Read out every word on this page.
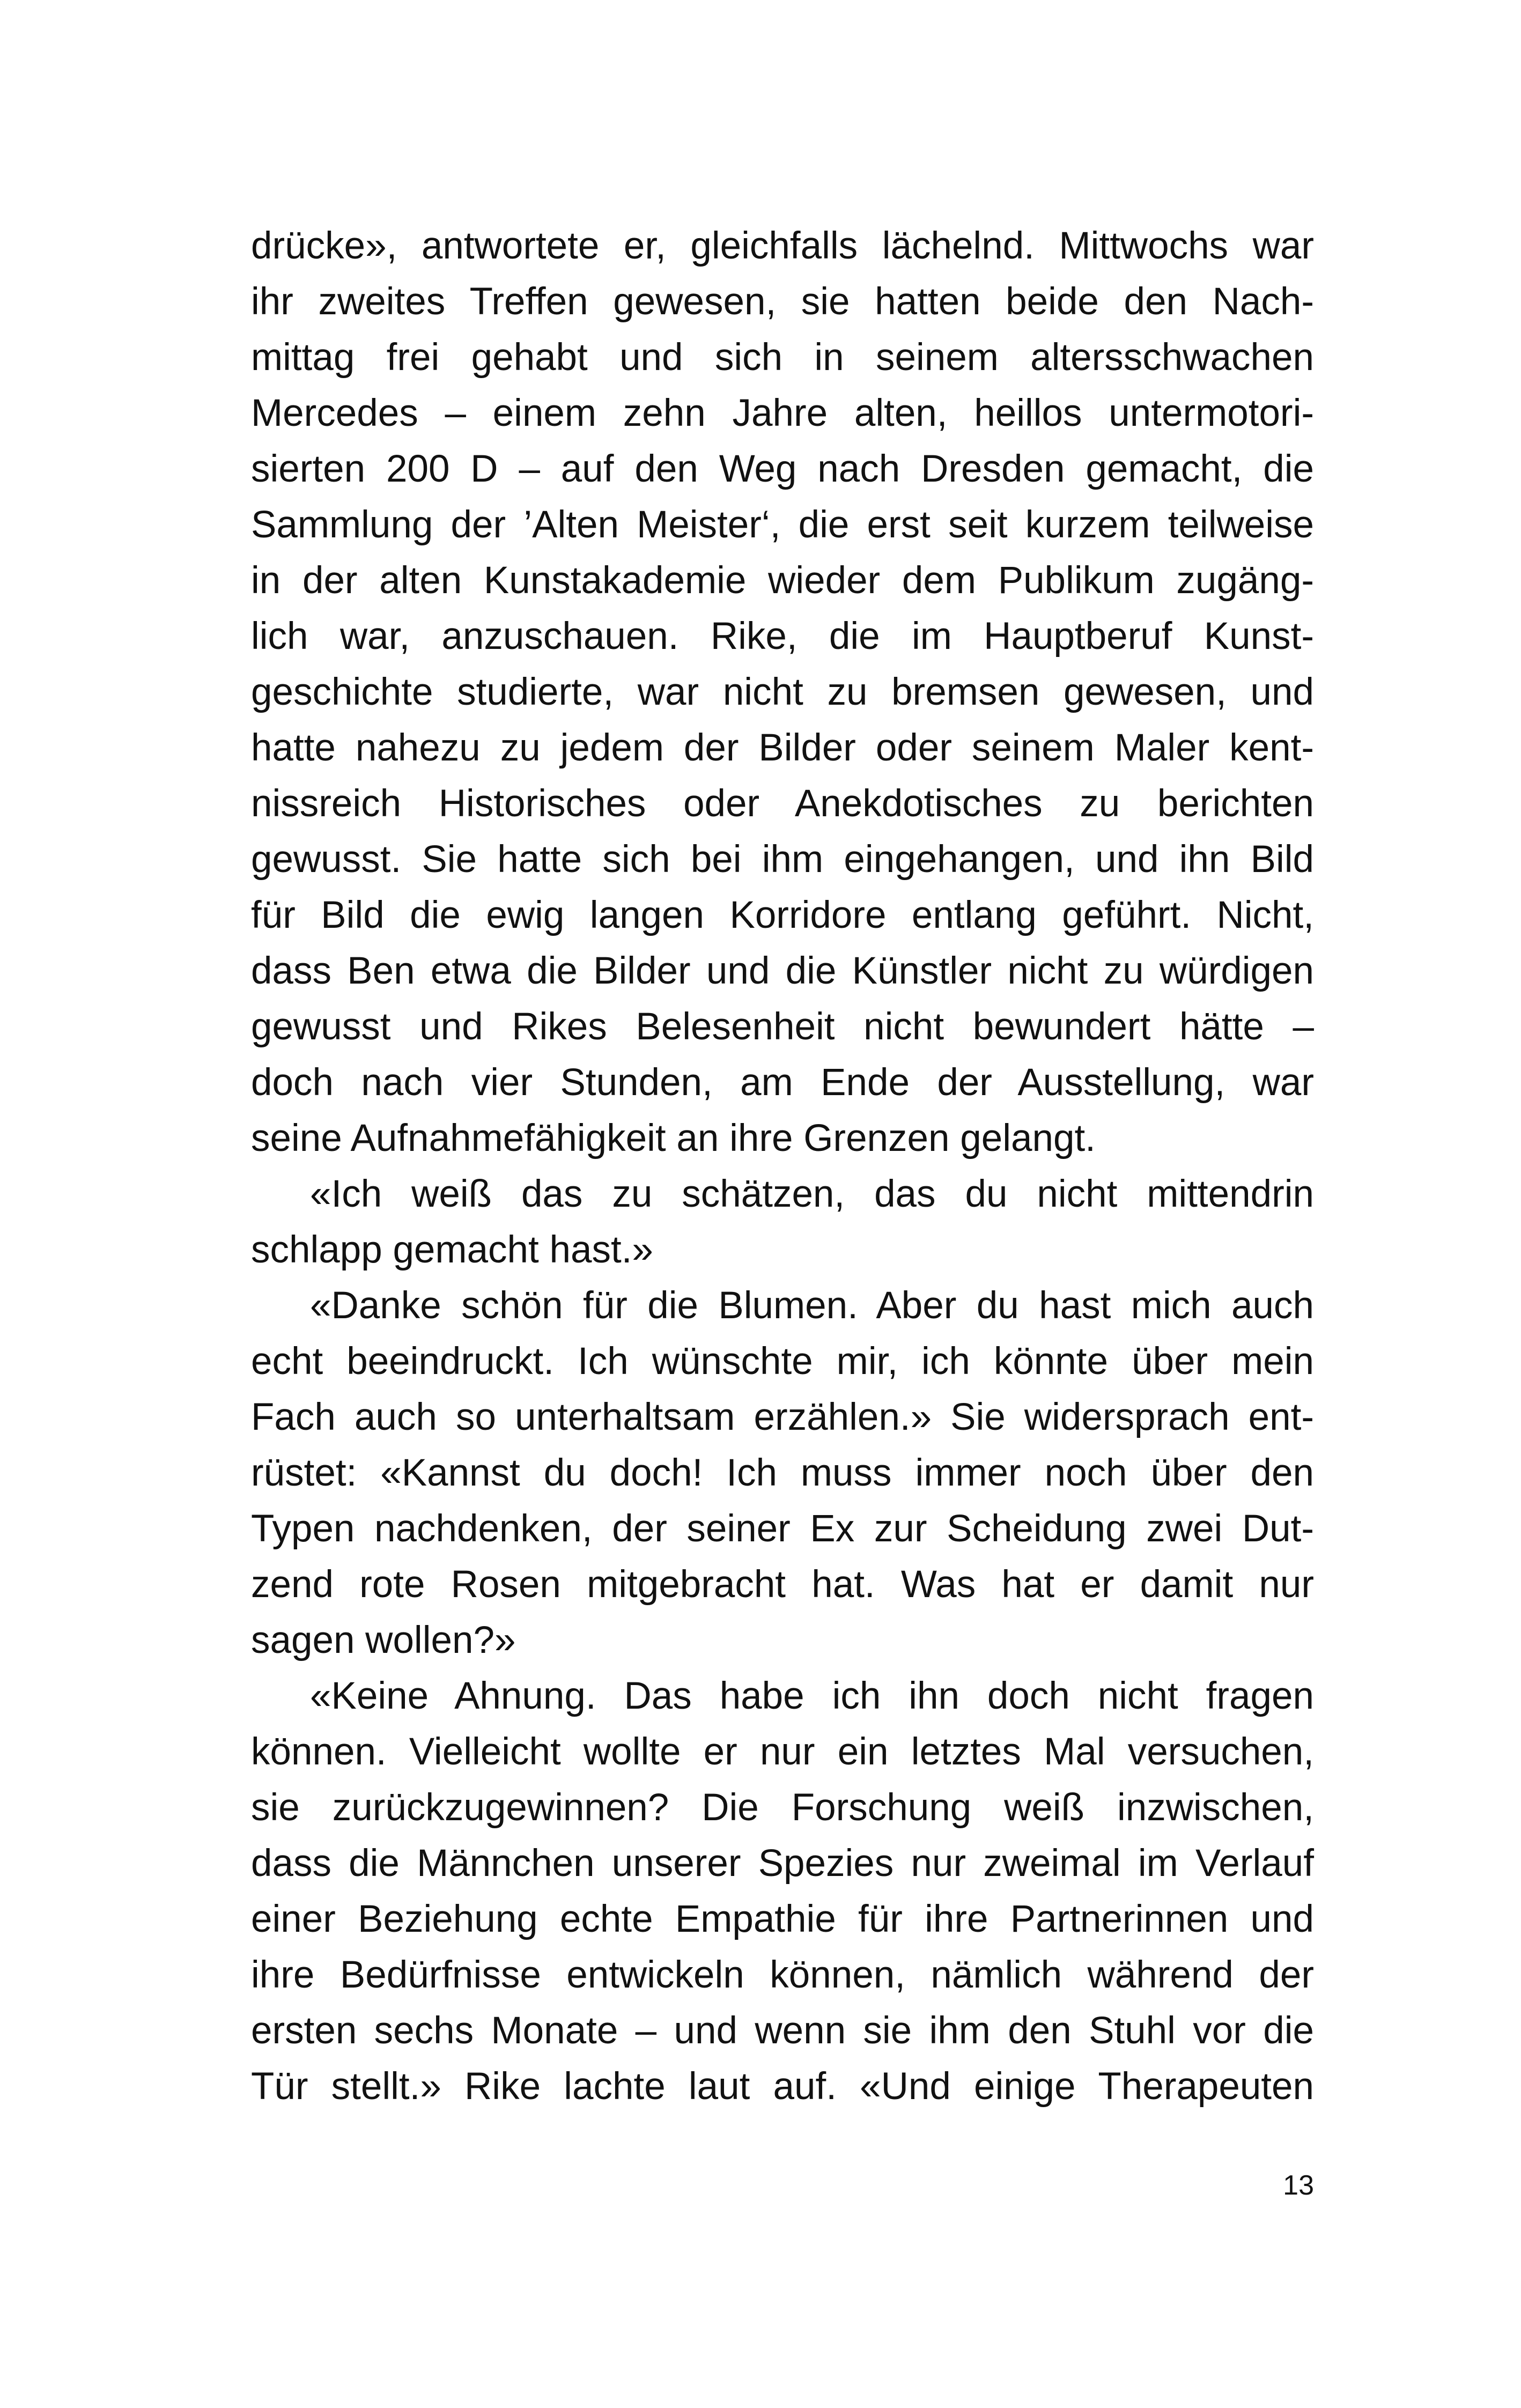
drücke», antwortete er, gleichfalls lächelnd. Mittwochs war
ihr zweites Treffen gewesen, sie hatten beide den Nach-
mittag frei gehabt und sich in seinem altersschwachen
Mercedes – einem zehn Jahre alten, heillos untermotori-
sierten 200 D – auf den Weg nach Dresden gemacht, die
Sammlung der ’Alten Meister‘, die erst seit kurzem teilweise
in der alten Kunstakademie wieder dem Publikum zugäng-
lich war, anzuschauen. Rike, die im Hauptberuf Kunst-
geschichte studierte, war nicht zu bremsen gewesen, und
hatte nahezu zu jedem der Bilder oder seinem Maler kent-
nissreich Historisches oder Anekdotisches zu berichten
gewusst. Sie hatte sich bei ihm eingehangen, und ihn Bild
für Bild die ewig langen Korridore entlang geführt. Nicht,
dass Ben etwa die Bilder und die Künstler nicht zu würdigen
gewusst und Rikes Belesenheit nicht bewundert hätte –
doch nach vier Stunden, am Ende der Ausstellung, war
seine Aufnahmefähigkeit an ihre Grenzen gelangt.
«Ich weiß das zu schätzen, das du nicht mittendrin
schlapp gemacht hast.»
«Danke schön für die Blumen. Aber du hast mich auch
echt beeindruckt. Ich wünschte mir, ich könnte über mein
Fach auch so unterhaltsam erzählen.» Sie widersprach ent-
rüstet: «Kannst du doch! Ich muss immer noch über den
Typen nachdenken, der seiner Ex zur Scheidung zwei Dut-
zend rote Rosen mitgebracht hat. Was hat er damit nur
sagen wollen?»
«Keine Ahnung. Das habe ich ihn doch nicht fragen
können. Vielleicht wollte er nur ein letztes Mal versuchen,
sie zurückzugewinnen? Die Forschung weiß inzwischen,
dass die Männchen unserer Spezies nur zweimal im Verlauf
einer Beziehung echte Empathie für ihre Partnerinnen und
ihre Bedürfnisse entwickeln können, nämlich während der
ersten sechs Monate – und wenn sie ihm den Stuhl vor die
Tür stellt.» Rike lachte laut auf. «Und einige Therapeuten
13
